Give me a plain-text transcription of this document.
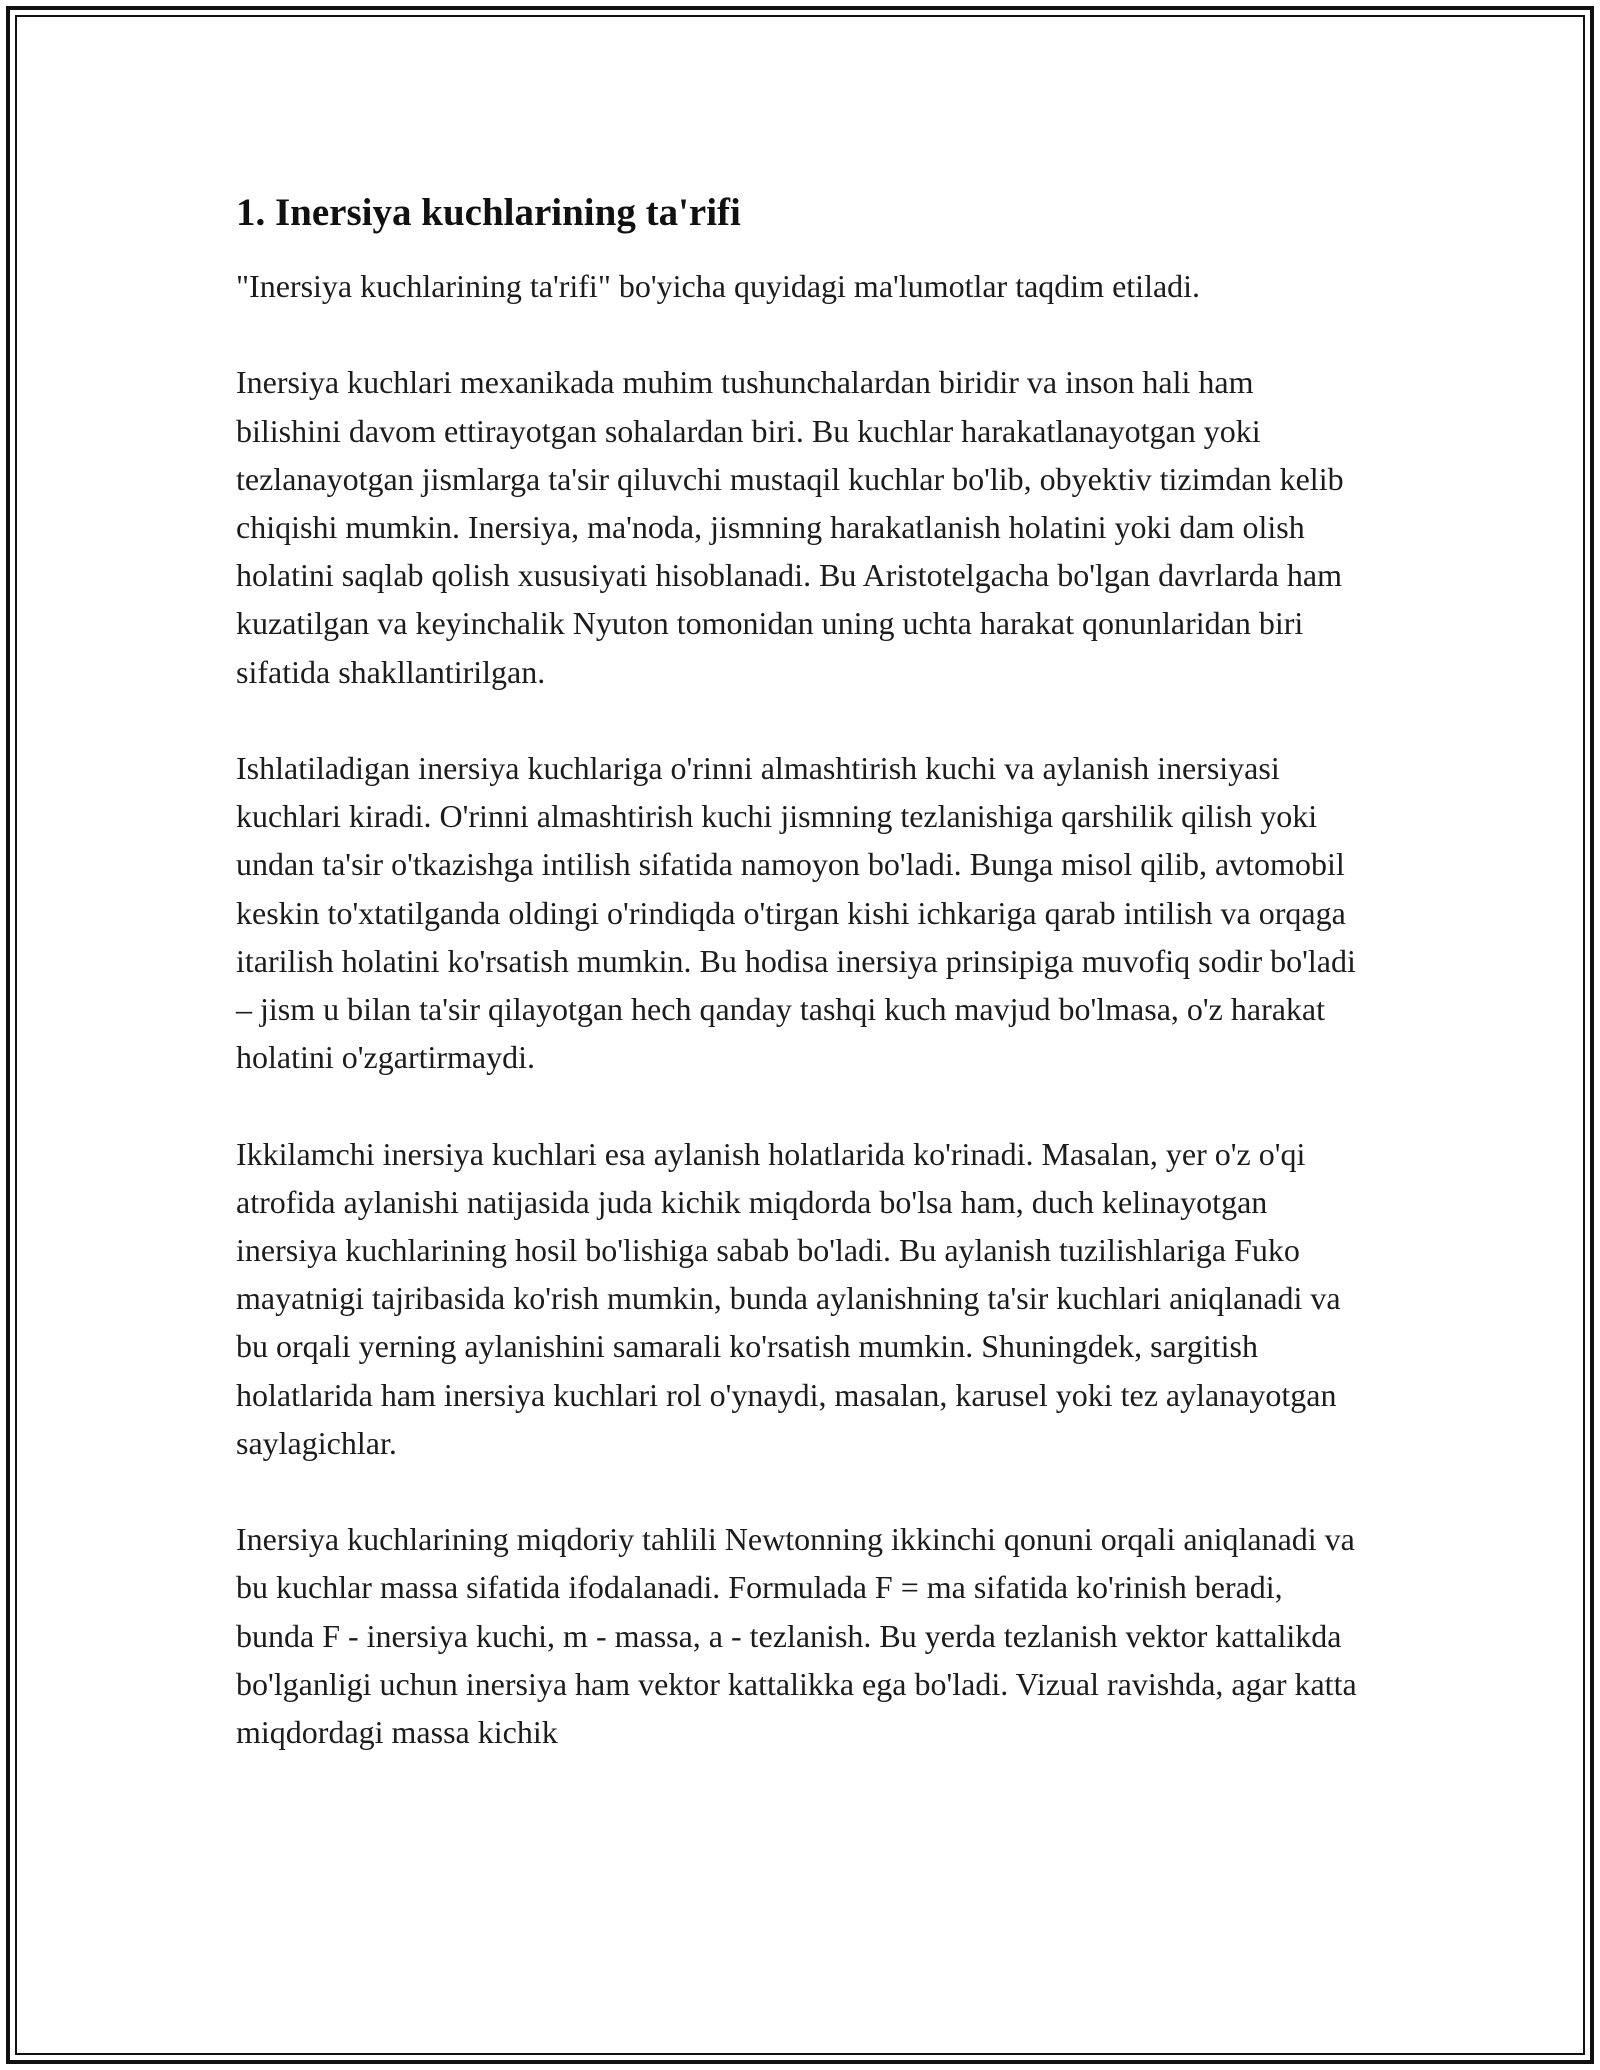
1. Inersiya kuchlarining ta'rifi

"Inersiya kuchlarining ta'rifi" bo'yicha quyidagi ma'lumotlar taqdim etiladi.

Inersiya kuchlari mexanikada muhim tushunchalardan biridir va inson hali ham bilishini davom ettirayotgan sohalardan biri. Bu kuchlar harakatlanayotgan yoki tezlanayotgan jismlarga ta'sir qiluvchi mustaqil kuchlar bo'lib, obyektiv tizimdan kelib chiqishi mumkin. Inersiya, ma'noda, jismning harakatlanish holatini yoki dam olish holatini saqlab qolish xususiyati hisoblanadi. Bu Aristotelgacha bo'lgan davrlarda ham kuzatilgan va keyinchalik Nyuton tomonidan uning uchta harakat qonunlaridan biri sifatida shakllantirilgan.

Ishlatiladigan inersiya kuchlariga o'rinni almashtirish kuchi va aylanish inersiyasi kuchlari kiradi. O'rinni almashtirish kuchi jismning tezlanishiga qarshilik qilish yoki undan ta'sir o'tkazishga intilish sifatida namoyon bo'ladi. Bunga misol qilib, avtomobil keskin to'xtatilganda oldingi o'rindiqda o'tirgan kishi ichkariga qarab intilish va orqaga itarilish holatini ko'rsatish mumkin. Bu hodisa inersiya prinsipiga muvofiq sodir bo'ladi – jism u bilan ta'sir qilayotgan hech qanday tashqi kuch mavjud bo'lmasa, o'z harakat holatini o'zgartirmaydi.

Ikkilamchi inersiya kuchlari esa aylanish holatlarida ko'rinadi. Masalan, yer o'z o'qi atrofida aylanishi natijasida juda kichik miqdorda bo'lsa ham, duch kelinayotgan inersiya kuchlarining hosil bo'lishiga sabab bo'ladi. Bu aylanish tuzilishlariga Fuko mayatnigi tajribasida ko'rish mumkin, bunda aylanishning ta'sir kuchlari aniqlanadi va bu orqali yerning aylanishini samarali ko'rsatish mumkin. Shuningdek, sargitish holatlarida ham inersiya kuchlari rol o'ynaydi, masalan, karusel yoki tez aylanayotgan saylagichlar.

Inersiya kuchlarining miqdoriy tahlili Newtonning ikkinchi qonuni orqali aniqlanadi va bu kuchlar massa sifatida ifodalanadi. Formulada F = ma sifatida ko'rinish beradi, bunda F - inersiya kuchi, m - massa, a - tezlanish. Bu yerda tezlanish vektor kattalikda bo'lganligi uchun inersiya ham vektor kattalikka ega bo'ladi. Vizual ravishda, agar katta miqdordagi massa kichik
